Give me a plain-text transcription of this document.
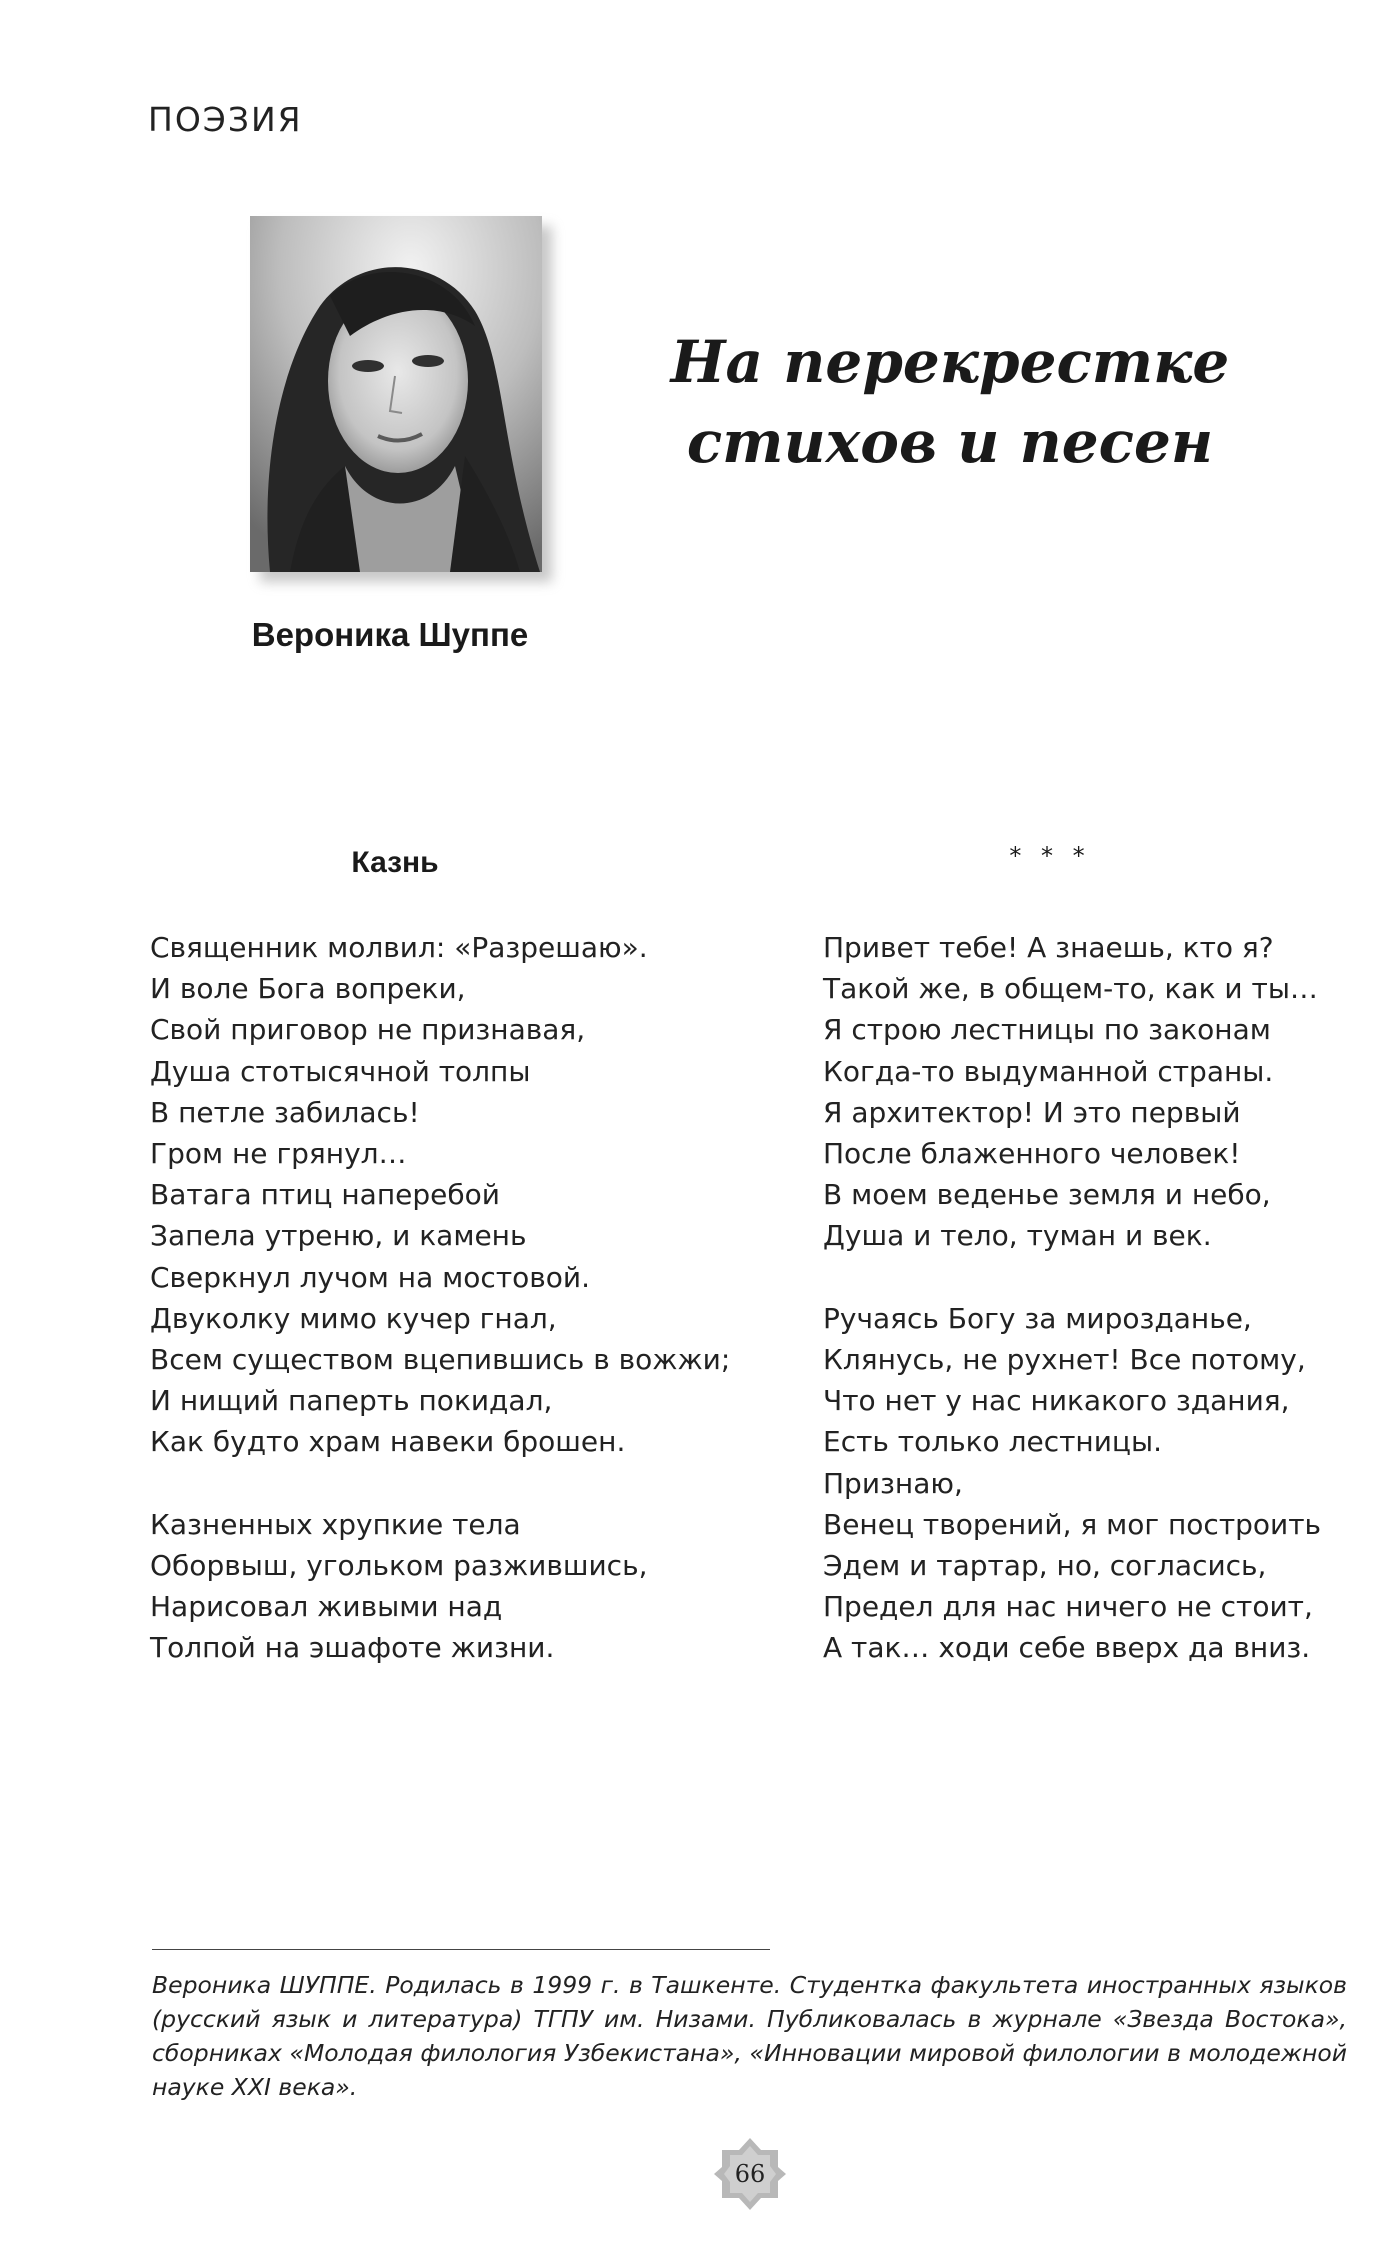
ПОЭЗИЯ
Вероника Шуппе
На перекрестке
стихов и песен
Казнь	* * *
Священник молвил: «Разрешаю».
И воле Бога вопреки,
Свой приговор не признавая,
Душа стотысячной толпы
В петле забилась!
Гром не грянул…
Ватага птиц наперебой
Запела утреню, и камень
Сверкнул лучом на мостовой.
Двуколку мимо кучер гнал,
Всем существом вцепившись в вожжи;
И нищий паперть покидал,
Как будто храм навеки брошен.
Казненных хрупкие тела
Оборвыш, угольком разжившись,
Нарисовал живыми над
Толпой на эшафоте жизни.
Привет тебе! А знаешь, кто я?
Такой же, в общем-то, как и ты…
Я строю лестницы по законам
Когда-то выдуманной страны.
Я архитектор! И это первый
После блаженного человек!
В моем веденье земля и небо,
Душа и тело, туман и век.
Ручаясь Богу за мирозданье,
Клянусь, не рухнет! Все потому,
Что нет у нас никакого здания,
Есть только лестницы.
Признаю,
Венец творений, я мог построить
Эдем и тартар, но, согласись,
Предел для нас ничего не стоит,
А так… ходи себе вверх да вниз.
Вероника ШУППЕ. Родилась в 1999 г. в Ташкенте. Студентка факультета иностранных языков (русский язык и литература) ТГПУ им. Низами. Публиковалась в журнале «Звезда Востока», сборниках «Молодая филология Узбекистана», «Инновации мировой филологии в молодежной науке XXI века».
66
